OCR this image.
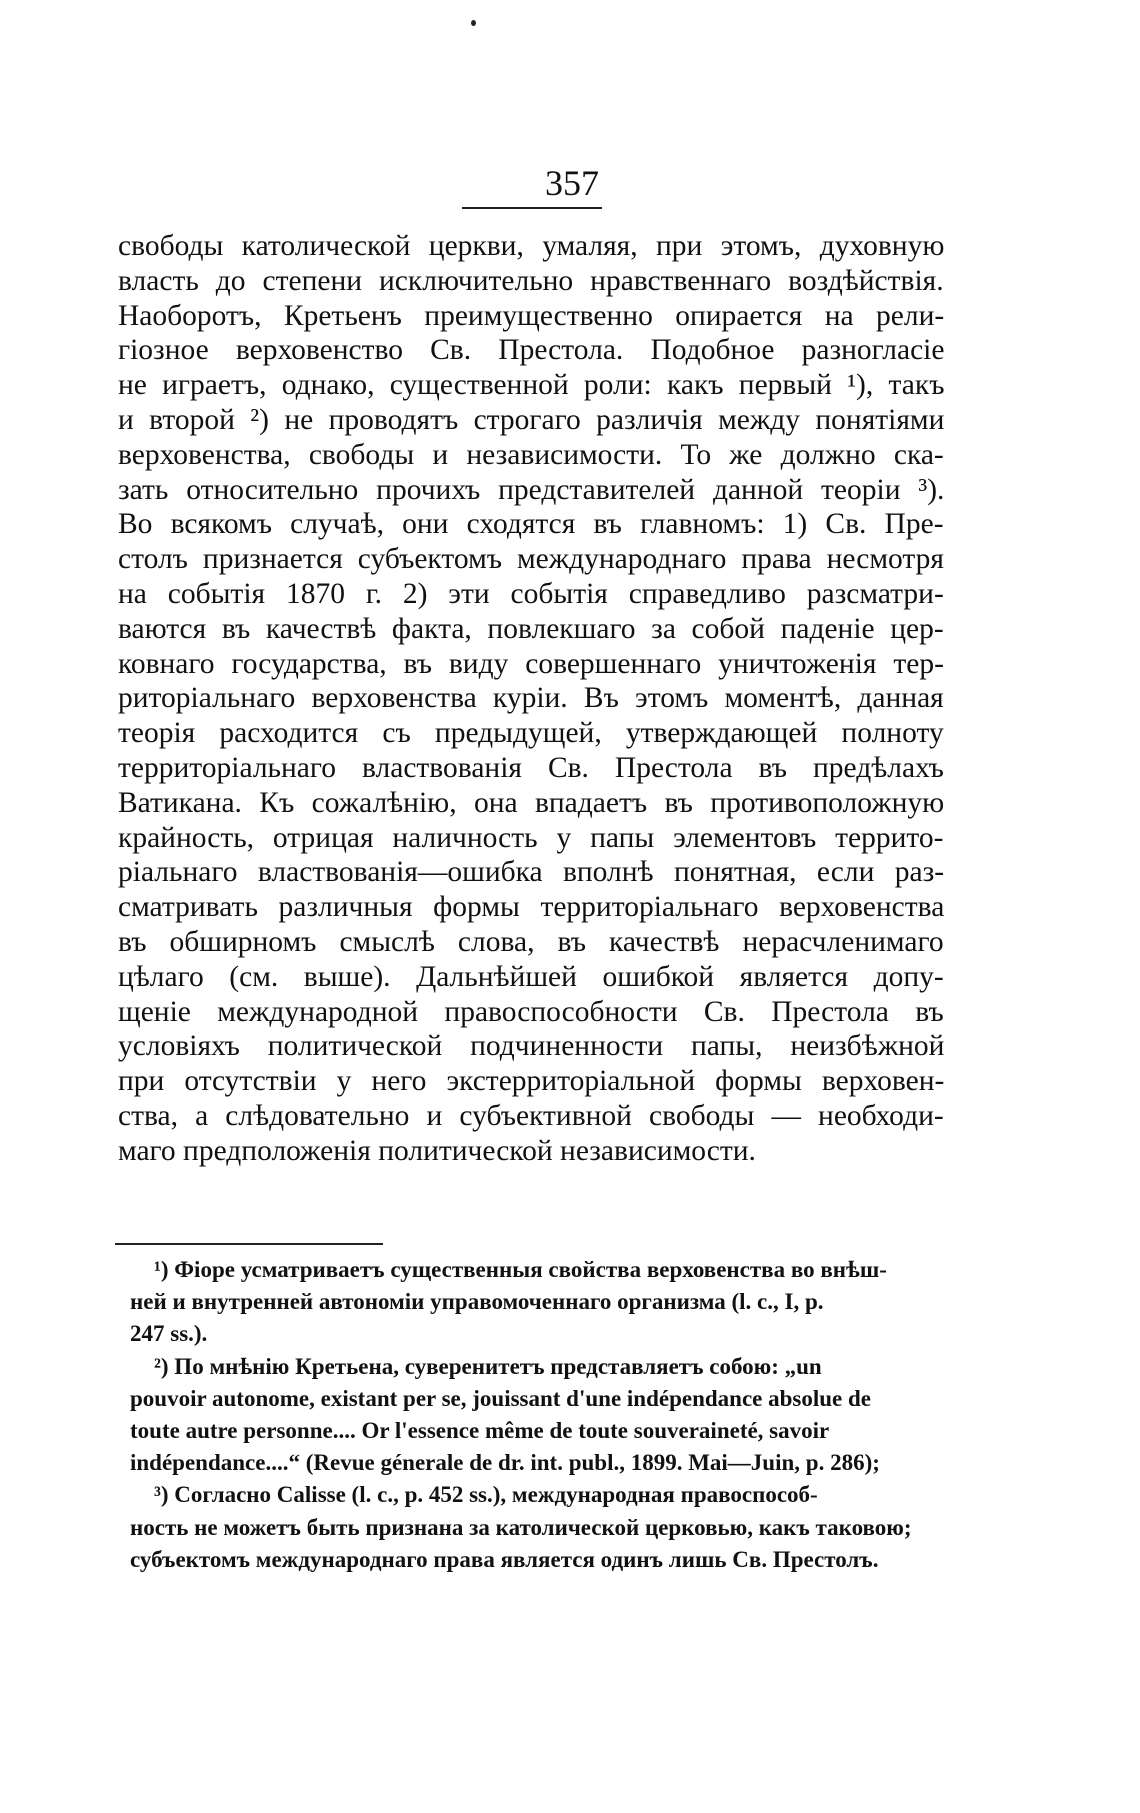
357
свободы католической церкви, умаляя, при этомъ, духовную
власть до степени исключительно нравственнаго воздѣйствія.
Наоборотъ, Кретьенъ преимущественно опирается на рели-
гіозное верховенство Св. Престола. Подобное разногласіе
не играетъ, однако, существенной роли: какъ первый ¹), такъ
и второй ²) не проводятъ строгаго различія между понятіями
верховенства, свободы и независимости. То же должно ска-
зать относительно прочихъ представителей данной теоріи ³).
Во всякомъ случаѣ, они сходятся въ главномъ: 1) Св. Пре-
столъ признается субъектомъ международнаго права несмотря
на событія 1870 г. 2) эти событія справедливо разсматри-
ваются въ качествѣ факта, повлекшаго за собой паденіе цер-
ковнаго государства, въ виду совершеннаго уничтоженія тер-
риторіальнаго верховенства куріи. Въ этомъ моментѣ, данная
теорія расходится съ предыдущей, утверждающей полноту
территоріальнаго властвованія Св. Престола въ предѣлахъ
Ватикана. Къ сожалѣнію, она впадаетъ въ противоположную
крайность, отрицая наличность у папы элементовъ террито-
ріальнаго властвованія—ошибка вполнѣ понятная, если раз-
сматривать различныя формы территоріальнаго верховенства
въ обширномъ смыслѣ слова, въ качествѣ нерасчленимаго
цѣлаго (см. выше). Дальнѣйшей ошибкой является допу-
щеніе международной правоспособности Св. Престола въ
условіяхъ политической подчиненности папы, неизбѣжной
при отсутствіи у него экстерриторіальной формы верховен-
ства, а слѣдовательно и субъективной свободы — необходи-
маго предположенія политической независимости.
¹) Фіоре усматриваетъ существенныя свойства верховенства во внѣш-
ней и внутренней автономіи управомоченнаго организма (l. c., I, p.
247 ss.).
²) По мнѣнію Кретьена, суверенитетъ представляетъ собою: „un
pouvoir autonome, existant per se, jouissant d'une indépendance absolue de
toute autre personne.... Or l'essence même de toute souveraineté, savoir
indépendance....“ (Revue génerale de dr. int. publ., 1899. Mai—Juin, p. 286);
³) Согласно Calisse (l. c., p. 452 ss.), международная правоспособ-
ность не можетъ быть признана за католической церковью, какъ таковою;
субъектомъ международнаго права является одинъ лишь Св. Престолъ.
